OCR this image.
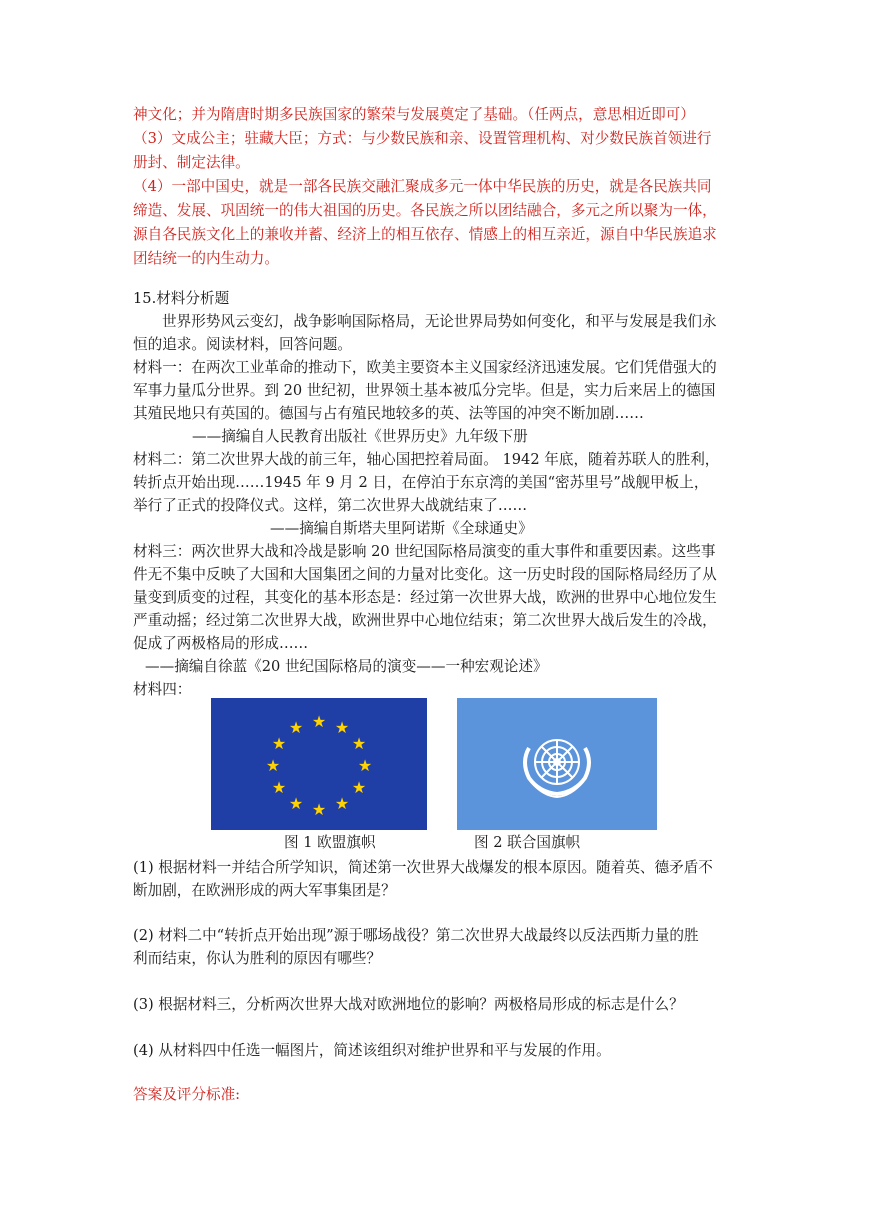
神文化；并为隋唐时期多民族国家的繁荣与发展奠定了基础。（任两点，意思相近即可）
（3）文成公主；驻藏大臣；方式：与少数民族和亲、设置管理机构、对少数民族首领进行
册封、制定法律。
（4）一部中国史，就是一部各民族交融汇聚成多元一体中华民族的历史，就是各民族共同
缔造、发展、巩固统一的伟大祖国的历史。各民族之所以团结融合，多元之所以聚为一体，
源自各民族文化上的兼收并蓄、经济上的相互依存、情感上的相互亲近，源自中华民族追求
团结统一的内生动力。
15.材料分析题
世界形势风云变幻，战争影响国际格局，无论世界局势如何变化，和平与发展是我们永
恒的追求。阅读材料，回答问题。
材料一：在两次工业革命的推动下，欧美主要资本主义国家经济迅速发展。它们凭借强大的
军事力量瓜分世界。到 20 世纪初，世界领土基本被瓜分完毕。但是，实力后来居上的德国
其殖民地只有英国的。德国与占有殖民地较多的英、法等国的冲突不断加剧……
——摘编自人民教育出版社《世界历史》九年级下册
材料二：第二次世界大战的前三年，轴心国把控着局面。 1942 年底，随着苏联人的胜利，
转折点开始出现……1945 年 9 月 2 日，在停泊于东京湾的美国“密苏里号”战舰甲板上，
举行了正式的投降仪式。这样，第二次世界大战就结束了……
——摘编自斯塔夫里阿诺斯《全球通史》
材料三：两次世界大战和冷战是影响 20 世纪国际格局演变的重大事件和重要因素。这些事
件无不集中反映了大国和大国集团之间的力量对比变化。这一历史时段的国际格局经历了从
量变到质变的过程，其变化的基本形态是：经过第一次世界大战，欧洲的世界中心地位发生
严重动摇；经过第二次世界大战，欧洲世界中心地位结束；第二次世界大战后发生的冷战，
促成了两极格局的形成……
——摘编自徐蓝《20 世纪国际格局的演变——一种宏观论述》
材料四：
★ ★
★
★
★
★
★
★
★
★
★
★
图 1 欧盟旗帜	图 2 联合国旗帜
(1) 根据材料一并结合所学知识，简述第一次世界大战爆发的根本原因。随着英、德矛盾不
断加剧，在欧洲形成的两大军事集团是？
(2) 材料二中“转折点开始出现”源于哪场战役？第二次世界大战最终以反法西斯力量的胜
利而结束，你认为胜利的原因有哪些？
(3) 根据材料三，分析两次世界大战对欧洲地位的影响？两极格局形成的标志是什么？
(4) 从材料四中任选一幅图片，简述该组织对维护世界和平与发展的作用。
答案及评分标准:
